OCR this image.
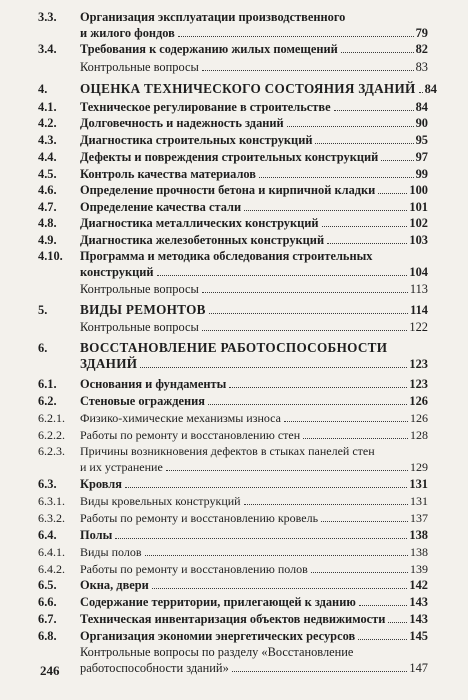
3.3. Организация эксплуатации производственного
и жилого фондов	79
3.4. Требования к содержанию жилых помещений	82
Контрольные вопросы	83
4. ОЦЕНКА ТЕХНИЧЕСКОГО СОСТОЯНИЯ ЗДАНИЙ 84
4.1. Техническое регулирование в строительстве	84
4.2. Долговечность и надежность зданий	90
4.3. Диагностика строительных конструкций	95
4.4. Дефекты и повреждения строительных конструкций	97
4.5. Контроль качества материалов	99
4.6. Определение прочности бетона и кирпичной кладки	100
4.7. Определение качества стали	101
4.8. Диагностика металлических конструкций	102
4.9. Диагностика железобетонных конструкций	103
4.10. Программа и методика обследования строительных
конструкций	104
Контрольные вопросы	113
5. ВИДЫ РЕМОНТОВ	114
Контрольные вопросы	122
6. ВОССТАНОВЛЕНИЕ РАБОТОСПОСОБНОСТИ
ЗДАНИЙ	123
6.1. Основания и фундаменты	123
6.2. Стеновые ограждения	126
6.2.1. Физико-химические механизмы износа	126
6.2.2. Работы по ремонту и восстановлению стен	128
6.2.3. Причины возникновения дефектов в стыках панелей стен
и их устранение	129
6.3. Кровля	131
6.3.1. Виды кровельных конструкций	131
6.3.2. Работы по ремонту и восстановлению кровель	137
6.4. Полы	138
6.4.1. Виды полов	138
6.4.2. Работы по ремонту и восстановлению полов	139
6.5. Окна, двери	142
6.6. Содержание территории, прилегающей к зданию	143
6.7. Техническая инвентаризация объектов недвижимости 143
6.8. Организация экономии энергетических ресурсов	145
Контрольные вопросы по разделу «Восстановление
работоспособности зданий»	147
246
